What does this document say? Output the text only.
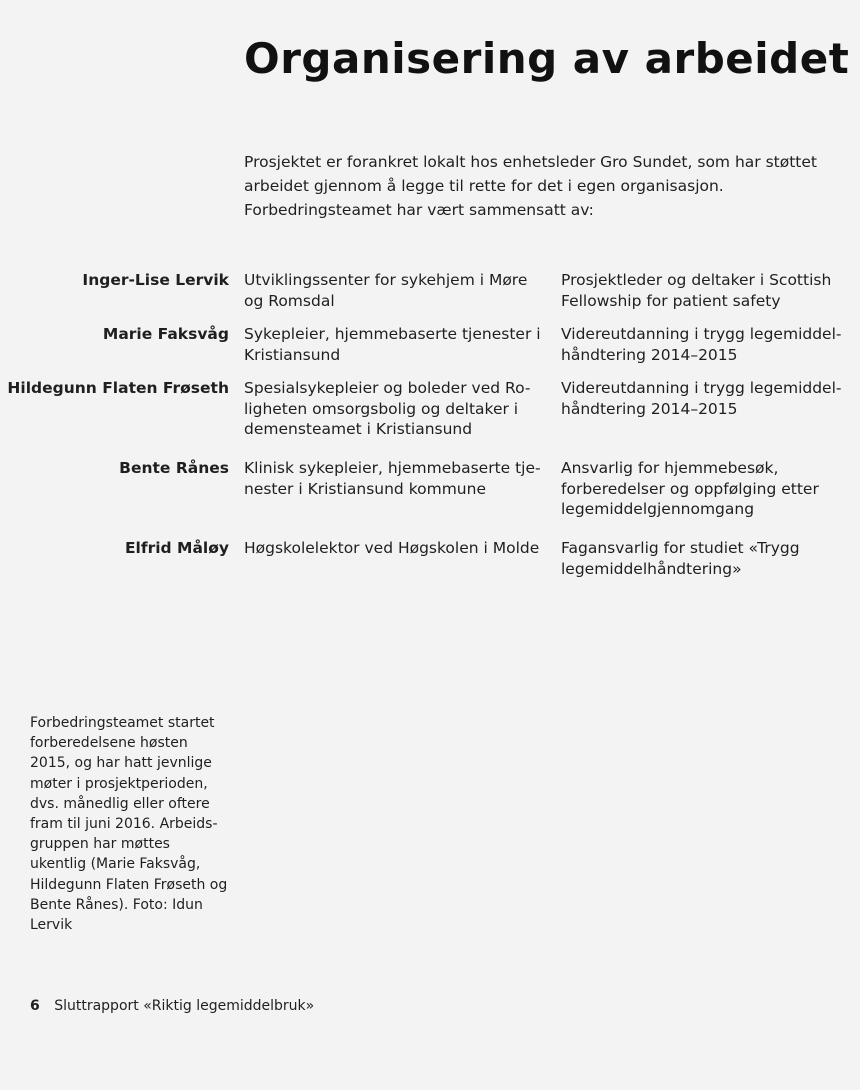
Organisering av arbeidet

Prosjektet er forankret lokalt hos enhetsleder Gro Sundet, som har støttet arbeidet gjennom å legge til rette for det i egen organisasjon. Forbedringsteamet har vært sammensatt av:

Inger-Lise Lervik Utviklingssenter for sykehjem i Møre og Romsdal
Prosjektleder og deltaker i Scottish Fellowship for patient safety
Marie Faksvåg Sykepleier, hjemmebaserte tjenester i Kristiansund
Videreutdanning i trygg legemiddel-håndtering 2014–2015
Hildegunn Flaten Frøseth Spesialsykepleier og boleder ved Ro-ligheten omsorgsbolig og deltaker i demensteamet i Kristiansund
Videreutdanning i trygg legemiddel-håndtering 2014–2015
Bente Rånes Klinisk sykepleier, hjemmebaserte tje-nester i Kristiansund kommune
Ansvarlig for hjemmebesøk, forberedelser og oppfølging etter legemiddelgjennomgang
Elfrid Måløy Høgskolelektor ved Høgskolen i Molde	Fagansvarlig for studiet «Trygg legemiddelhåndtering»

Forbedringsteamet startet forberedelsene høsten 2015, og har hatt jevnlige møter i prosjektperioden, dvs. månedlig eller oftere fram til juni 2016. Arbeids-gruppen har møttes ukentlig (Marie Faksvåg, Hildegunn Flaten Frøseth og Bente Rånes). Foto: Idun Lervik

6 Sluttrapport «Riktig legemiddelbruk»
